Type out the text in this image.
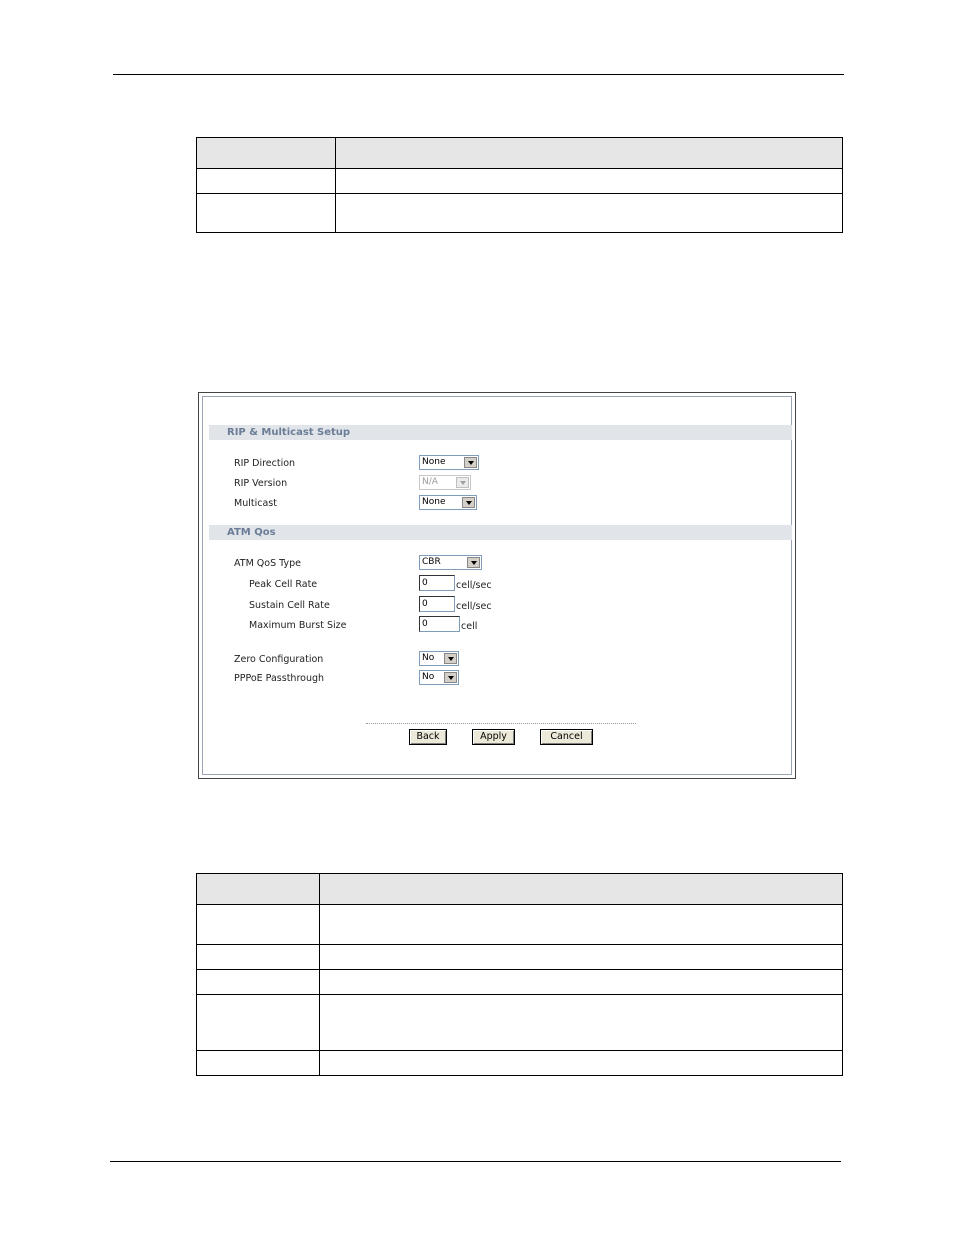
RIP & Multicast Setup
RIP Direction	None
RIP Version	N/A
Multicast	None
ATM Qos
ATM QoS Type	CBR
Peak Cell Rate	0	cell/sec
Sustain Cell Rate	0	cell/sec
Maximum Burst Size	0	cell
Zero Configuration	No
PPPoE Passthrough	No
Back	Apply	Cancel
